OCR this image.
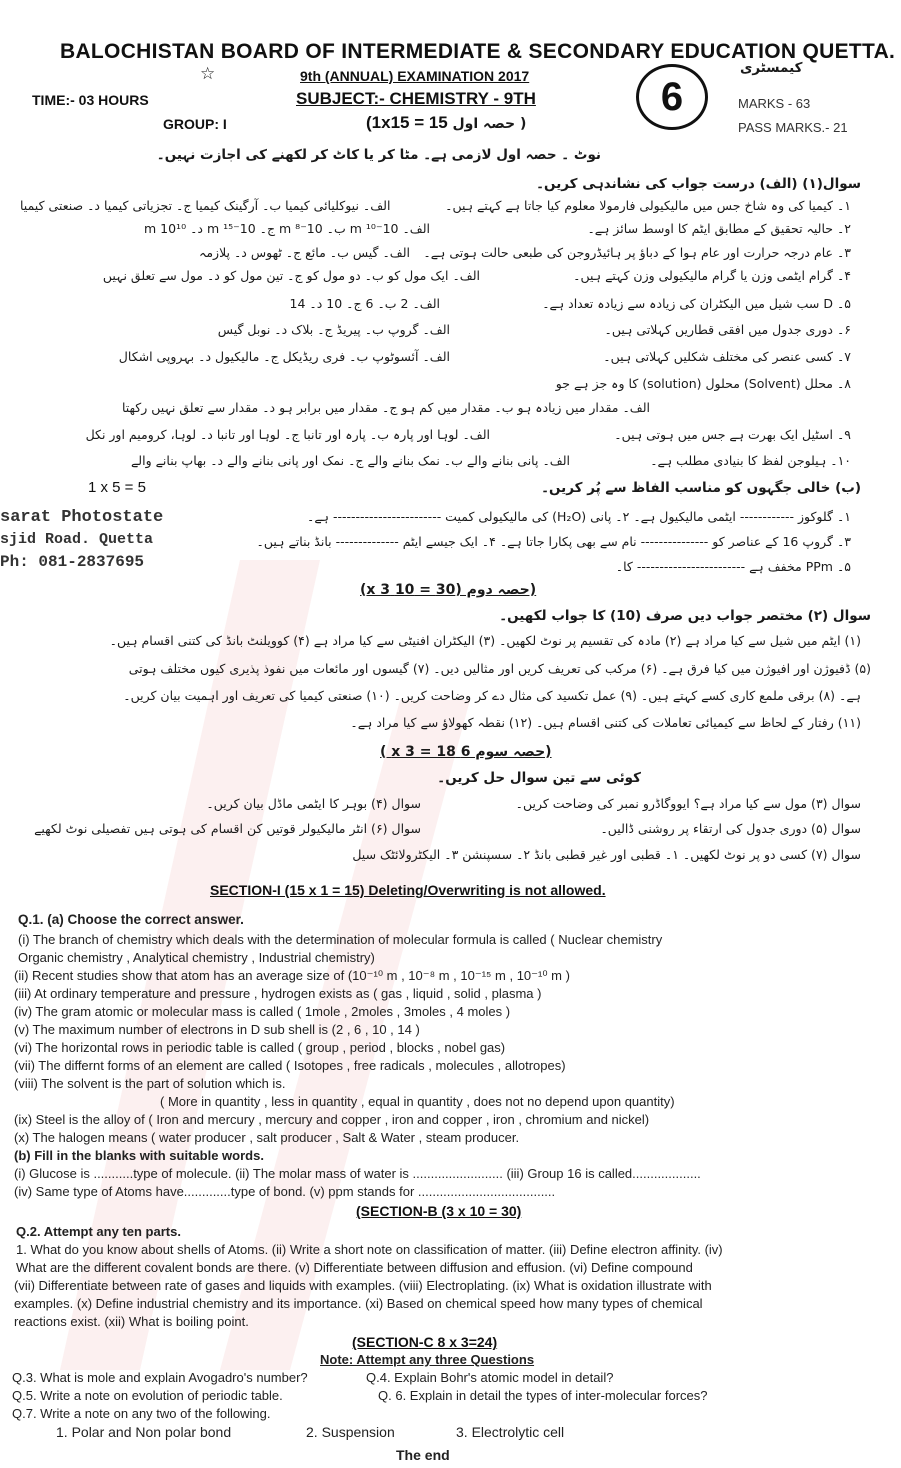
BALOCHISTAN BOARD OF INTERMEDIATE & SECONDARY EDUCATION QUETTA.
☆	9th (ANNUAL) EXAMINATION 2017
TIME:- 03 HOURS	SUBJECT:- CHEMISTRY - 9TH	6
کیمسٹری
MARKS - 63
GROUP: I	(1x15 = 15 حصہ اول )	PASS MARKS.- 21
نوٹ ۔ حصہ اول لازمی ہے۔ مٹا کر یا کاٹ کر لکھنے کی اجازت نہیں۔
سوال(۱) (الف) درست جواب کی نشاندہی کریں۔
۱۔ کیمیا کی وہ شاخ جس میں مالیکیولی فارمولا معلوم کیا جاتا ہے کہتے ہیں۔
الف۔ نیوکلیائی کیمیا ب۔ آرگینک کیمیا ج۔ تجزیاتی کیمیا د۔ صنعتی کیمیا
۲۔ حالیہ تحقیق کے مطابق ایٹم کا اوسط سائز ہے۔
الف۔ 10⁻¹⁰ m ب۔ 10⁻⁸ m ج۔ 10⁻¹⁵ m د۔ 10¹⁰ m
۳۔ عام درجہ حرارت اور عام ہوا کے دباؤ پر ہائیڈروجن کی طبعی حالت ہوتی ہے۔
الف۔ گیس ب۔ مائع ج۔ ٹھوس د۔ پلازمہ
۴۔ گرام ایٹمی وزن یا گرام مالیکیولی وزن کہتے ہیں۔
الف۔ ایک مول کو ب۔ دو مول کو ج۔ تین مول کو د۔ مول سے تعلق نہیں
۵۔ D سب شیل میں الیکٹران کی زیادہ سے زیادہ تعداد ہے۔
الف۔ 2 ب۔ 6 ج۔ 10 د۔ 14
۶۔ دوری جدول میں افقی قطاریں کہلاتی ہیں۔
الف۔ گروپ ب۔ پیریڈ ج۔ بلاک د۔ نوبل گیس
۷۔ کسی عنصر کی مختلف شکلیں کہلاتی ہیں۔
الف۔ آئسوٹوپ ب۔ فری ریڈیکل ج۔ مالیکیول د۔ بہروپی اشکال
۸۔ محلل (Solvent) محلول (solution) کا وہ جز ہے جو
الف۔ مقدار میں زیادہ ہو ب۔ مقدار میں کم ہو ج۔ مقدار میں برابر ہو د۔ مقدار سے تعلق نہیں رکھتا
۹۔ اسٹیل ایک بھرت ہے جس میں ہوتی ہیں۔
الف۔ لوہا اور پارہ ب۔ پارہ اور تانبا ج۔ لوہا اور تانبا د۔ لوہا، کرومیم اور نکل
۱۰۔ ہیلوجن لفظ کا بنیادی مطلب ہے۔
الف۔ پانی بنانے والے ب۔ نمک بنانے والے ج۔ نمک اور پانی بنانے والے د۔ بھاپ بنانے والے
(ب) خالی جگہوں کو مناسب الفاظ سے پُر کریں۔
1 x 5 = 5
۱۔ گلوکوز ------------ ایٹمی مالیکیول ہے۔ ۲۔ پانی (H₂O) کی مالیکیولی کمیت ------------------------ ہے۔
۳۔ گروپ 16 کے عناصر کو --------------- نام سے بھی پکارا جاتا ہے۔ ۴۔ ایک جیسے ایٹم -------------- بانڈ بناتے ہیں۔
۵۔ PPm مخفف ہے ------------------------ کا۔
sarat Photostate
sjid Road. Quetta
Ph: 081-2837695
(حصہ دوم (30 = 10 x 3)
سوال (۲) مختصر جواب دیں صرف (10) کا جواب لکھیں۔
(۱) ایٹم میں شیل سے کیا مراد ہے (۲) مادہ کی تقسیم پر نوٹ لکھیں۔ (۳) الیکٹران افنیٹی سے کیا مراد ہے (۴) کوویلنٹ بانڈ کی کتنی اقسام ہیں۔
(۵) ڈفیوژن اور افیوژن میں کیا فرق ہے۔ (۶) مرکب کی تعریف کریں اور مثالیں دیں۔ (۷) گیسوں اور مائعات میں نفوذ پذیری کیوں مختلف ہوتی
ہے۔ (۸) برقی ملمع کاری کسے کہتے ہیں۔ (۹) عمل تکسید کی مثال دے کر وضاحت کریں۔ (۱۰) صنعتی کیمیا کی تعریف اور اہمیت بیان کریں۔
(۱۱) رفتار کے لحاظ سے کیمیائی تعاملات کی کتنی اقسام ہیں۔ (۱۲) نقطہ کھولاؤ سے کیا مراد ہے۔
(حصہ سوم 6 x 3 = 18 )
کوئی سے تین سوال حل کریں۔
سوال (۳) مول سے کیا مراد ہے؟ ایووگاڈرو نمبر کی وضاحت کریں۔
سوال (۴) بوہر کا ایٹمی ماڈل بیان کریں۔
سوال (۵) دوری جدول کی ارتقاء پر روشنی ڈالیں۔
سوال (۶) انٹر مالیکیولر قوتیں کن اقسام کی ہوتی ہیں تفصیلی نوٹ لکھیے
سوال (۷) کسی دو پر نوٹ لکھیں۔ ۱۔ قطبی اور غیر قطبی بانڈ ۲۔ سسپنشن ۳۔ الیکٹرولائٹک سیل
SECTION-I (15 x 1 = 15) Deleting/Overwriting is not allowed.
Q.1. (a) Choose the correct answer.
(i) The branch of chemistry which deals with the determination of molecular formula is called ( Nuclear chemistry
Organic chemistry , Analytical chemistry , Industrial chemistry)
(ii) Recent studies show that atom has an average size of (10⁻¹⁰ m , 10⁻⁸ m , 10⁻¹⁵ m , 10⁻¹⁰ m )
(iii) At ordinary temperature and pressure , hydrogen exists as ( gas , liquid , solid , plasma )
(iv) The gram atomic or molecular mass is called ( 1mole , 2moles , 3moles , 4 moles )
(v) The maximum number of electrons in D sub shell is (2 , 6 , 10 , 14 )
(vi) The horizontal rows in periodic table is called ( group , period , blocks , nobel gas)
(vii) The differnt forms of an element are called ( Isotopes , free radicals , molecules , allotropes)
(viii) The solvent is the part of solution which is.
( More in quantity , less in quantity , equal in quantity , does not no depend upon quantity)
(ix) Steel is the alloy of ( Iron and mercury , mercury and copper , iron and copper , iron , chromium and nickel)
(x) The halogen means ( water producer , salt producer , Salt & Water , steam producer.
(b) Fill in the blanks with suitable words.
(i) Glucose is ...........type of molecule. (ii) The molar mass of water is ......................... (iii) Group 16 is called...................
(iv) Same type of Atoms have.............type of bond. (v) ppm stands for ......................................
(SECTION-B (3 x 10 = 30)
Q.2. Attempt any ten parts.
1. What do you know about shells of Atoms. (ii) Write a short note on classification of matter. (iii) Define electron affinity. (iv)
What are the different covalent bonds are there. (v) Differentiate between diffusion and effusion. (vi) Define compound
(vii) Differentiate between rate of gases and liquids with examples. (viii) Electroplating. (ix) What is oxidation illustrate with
examples. (x) Define industrial chemistry and its importance. (xi) Based on chemical speed how many types of chemical
reactions exist. (xii) What is boiling point.
(SECTION-C 8 x 3=24)
Note: Attempt any three Questions
Q.3. What is mole and explain Avogadro's number?	Q.4. Explain Bohr's atomic model in detail?
Q.5. Write a note on evolution of periodic table.	Q. 6. Explain in detail the types of inter-molecular forces?
Q.7. Write a note on any two of the following.
1. Polar and Non polar bond	2. Suspension	3. Electrolytic cell
The end
